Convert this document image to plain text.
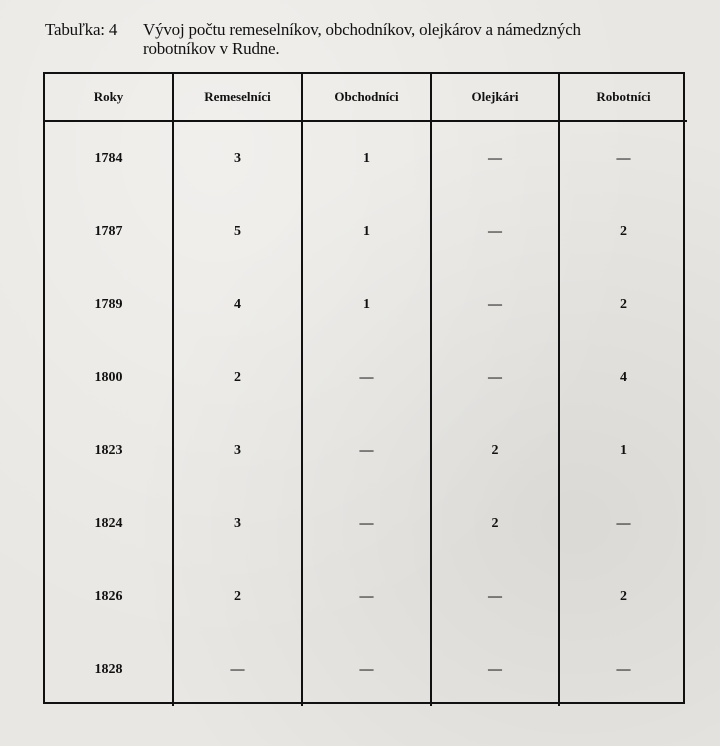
Tabuľka: 4	Vývoj počtu remeselníkov, obchodníkov, olejkárov a námedzných
robotníkov v Rudne.
Roky	Remeselníci	Obchodníci	Olejkári	Robotníci
1784	3	1	—	—
1787	5	1	—	2
1789	4	1	—	2
1800	2	—	—	4
1823	3	—	2	1
1824	3	—	2	—
1826	2	—	—	2
1828	—	—	—	—
